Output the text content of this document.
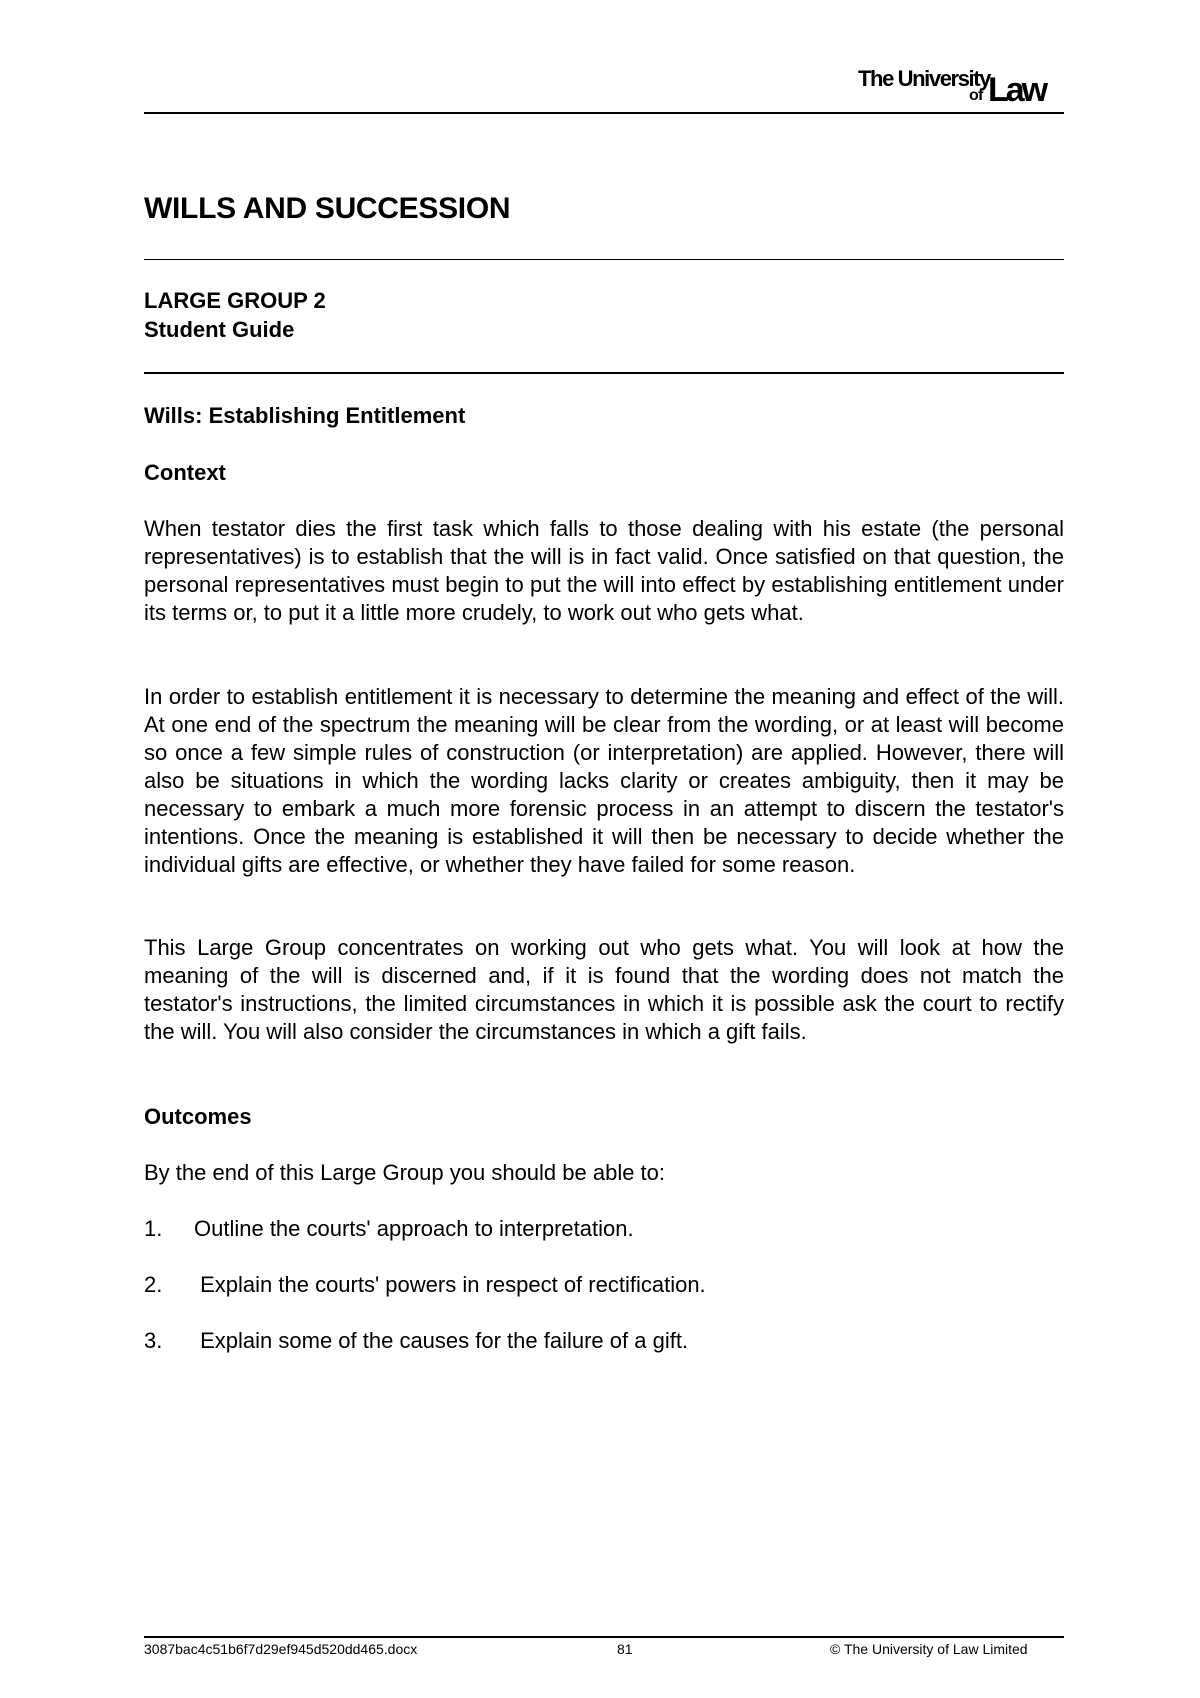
The University
of Law
WILLS AND SUCCESSION
LARGE GROUP 2
Student Guide
Wills: Establishing Entitlement
Context

When testator dies the first task which falls to those dealing with his estate (the personal representatives) is to establish that the will is in fact valid. Once satisfied on that question, the personal representatives must begin to put the will into effect by establishing entitlement under its terms or, to put it a little more crudely, to work out who gets what.

In order to establish entitlement it is necessary to determine the meaning and effect of the will. At one end of the spectrum the meaning will be clear from the wording, or at least will become so once a few simple rules of construction (or interpretation) are applied. However, there will also be situations in which the wording lacks clarity or creates ambiguity, then it may be necessary to embark a much more forensic process in an attempt to discern the testator's intentions. Once the meaning is established it will then be necessary to decide whether the individual gifts are effective, or whether they have failed for some reason.

This Large Group concentrates on working out who gets what. You will look at how the meaning of the will is discerned and, if it is found that the wording does not match the testator's instructions, the limited circumstances in which it is possible ask the court to rectify the will. You will also consider the circumstances in which a gift fails.

Outcomes
By the end of this Large Group you should be able to:
1. Outline the courts' approach to interpretation.
2. Explain the courts' powers in respect of rectification.
3. Explain some of the causes for the failure of a gift.
3087bac4c51b6f7d29ef945d520dd465.docx	81	© The University of Law Limited
